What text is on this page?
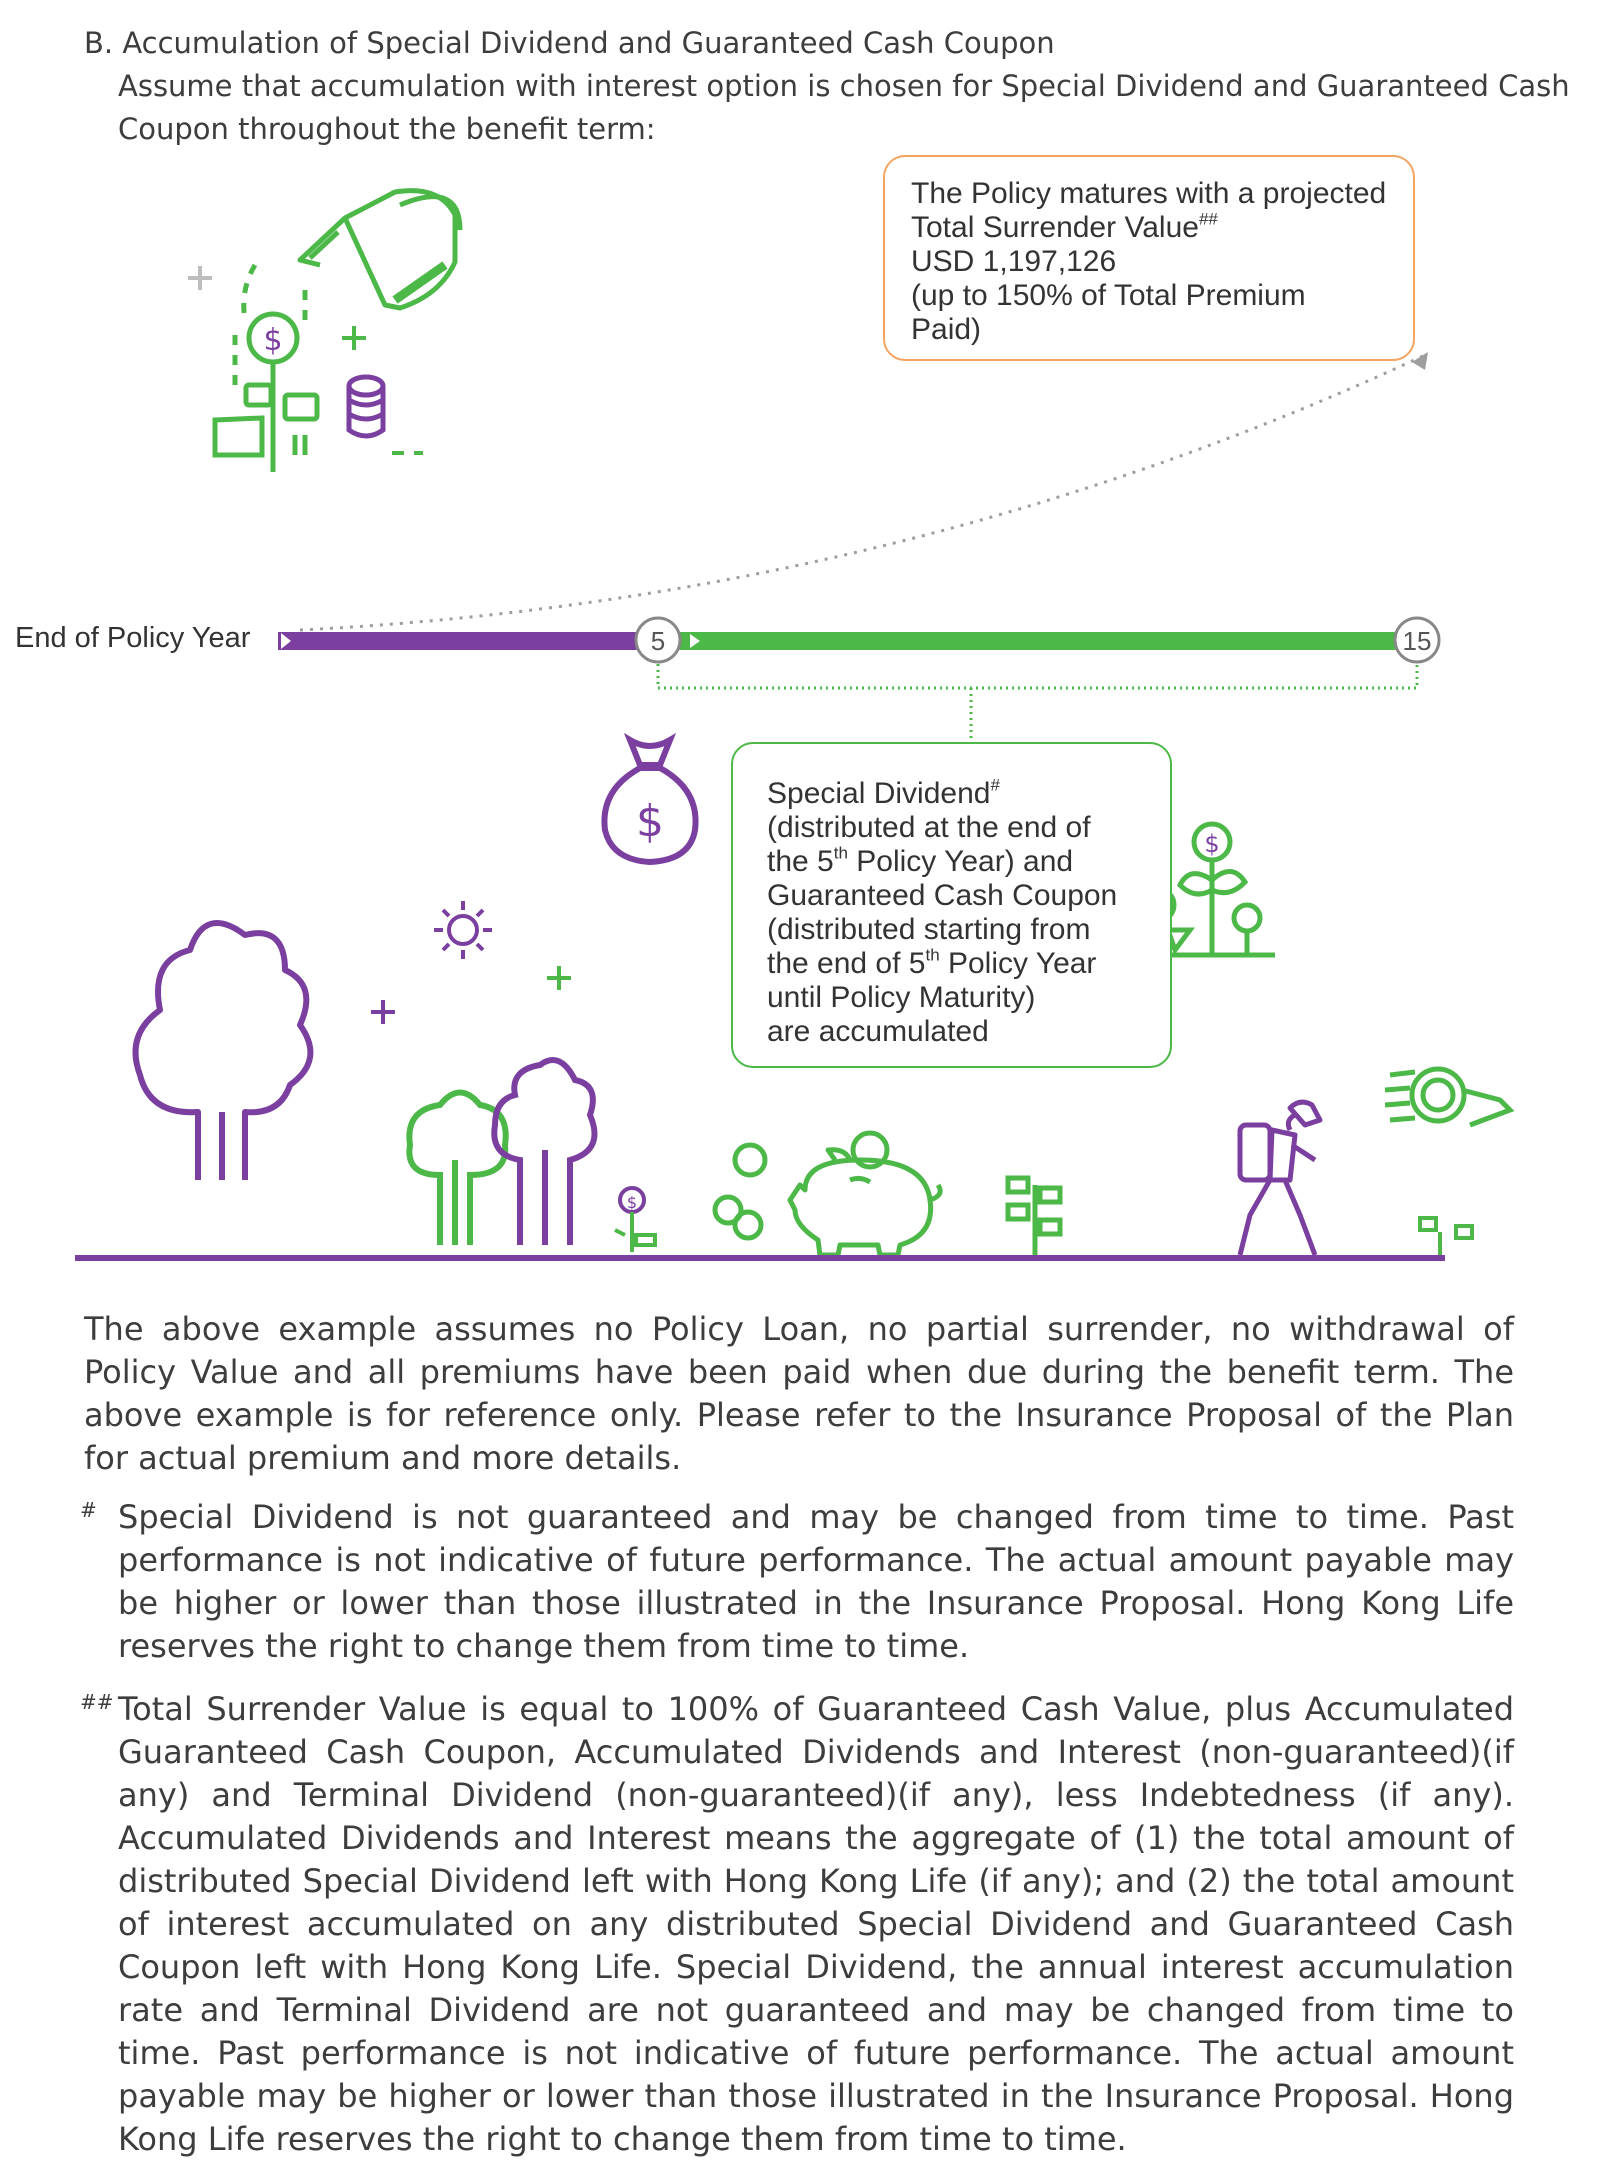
B. Accumulation of Special Dividend and Guaranteed Cash Coupon
Assume that accumulation with interest option is chosen for Special Dividend and Guaranteed Cash
Coupon throughout the benefit term:
$
5	15
$	$
$
End of Policy Year
The Policy matures with a projected
Total Surrender Value##
USD 1,197,126
(up to 150% of Total Premium
Paid)
Special Dividend#
(distributed at the end of
the 5th Policy Year) and
Guaranteed Cash Coupon
(distributed starting from
the end of 5th Policy Year
until Policy Maturity)
are accumulated
The above example assumes no Policy Loan, no partial surrender, no withdrawal of Policy Value and all premiums have been paid when due during the benefit term. The above example is for reference only. Please refer to the Insurance Proposal of the Plan for actual premium and more details.
# Special Dividend is not guaranteed and may be changed from time to time. Past performance is not indicative of future performance. The actual amount payable may be higher or lower than those illustrated in the Insurance Proposal. Hong Kong Life reserves the right to change them from time to time.
## Total Surrender Value is equal to 100% of Guaranteed Cash Value, plus Accumulated Guaranteed Cash Coupon, Accumulated Dividends and Interest (non-guaranteed)(if any) and Terminal Dividend (non-guaranteed)(if any), less Indebtedness (if any). Accumulated Dividends and Interest means the aggregate of (1) the total amount of distributed Special Dividend left with Hong Kong Life (if any); and (2) the total amount of interest accumulated on any distributed Special Dividend and Guaranteed Cash Coupon left with Hong Kong Life. Special Dividend, the annual interest accumulation rate and Terminal Dividend are not guaranteed and may be changed from time to time. Past performance is not indicative of future performance. The actual amount payable may be higher or lower than those illustrated in the Insurance Proposal. Hong Kong Life reserves the right to change them from time to time.
